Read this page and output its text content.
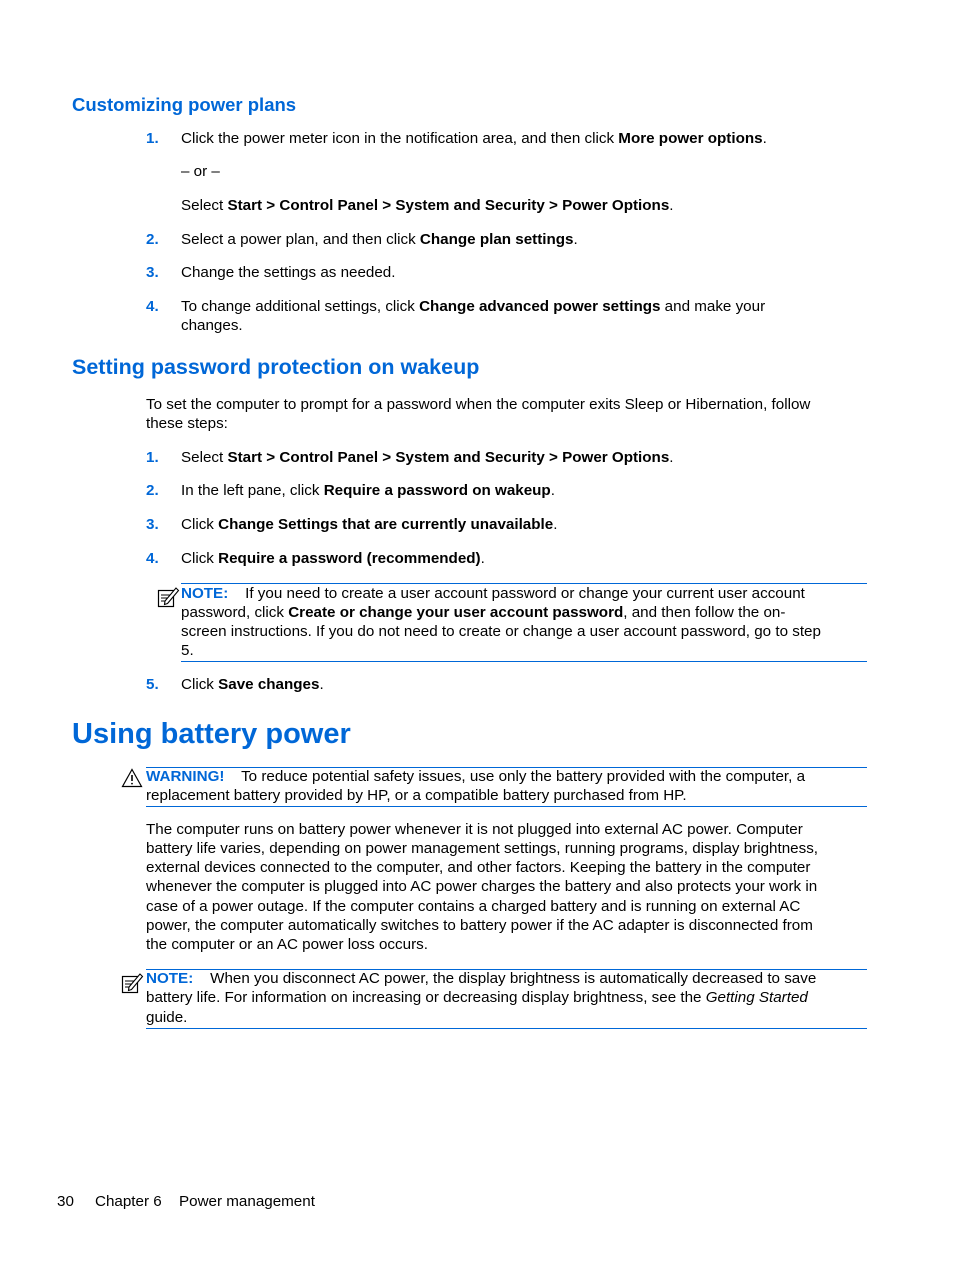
Customizing power plans
1. Click the power meter icon in the notification area, and then click More power options.
– or –
Select Start > Control Panel > System and Security > Power Options.
2. Select a power plan, and then click Change plan settings.
3. Change the settings as needed.
4. To change additional settings, click Change advanced power settings and make your
changes.
Setting password protection on wakeup
To set the computer to prompt for a password when the computer exits Sleep or Hibernation, follow
these steps:
1. Select Start > Control Panel > System and Security > Power Options.
2. In the left pane, click Require a password on wakeup.
3. Click Change Settings that are currently unavailable.
4. Click Require a password (recommended).
NOTE: If you need to create a user account password or change your current user account
password, click Create or change your user account password, and then follow the on-
screen instructions. If you do not need to create or change a user account password, go to step
5.
5. Click Save changes.
Using battery power
WARNING! To reduce potential safety issues, use only the battery provided with the computer, a
replacement battery provided by HP, or a compatible battery purchased from HP.
The computer runs on battery power whenever it is not plugged into external AC power. Computer
battery life varies, depending on power management settings, running programs, display brightness,
external devices connected to the computer, and other factors. Keeping the battery in the computer
whenever the computer is plugged into AC power charges the battery and also protects your work in
case of a power outage. If the computer contains a charged battery and is running on external AC
power, the computer automatically switches to battery power if the AC adapter is disconnected from
the computer or an AC power loss occurs.
NOTE: When you disconnect AC power, the display brightness is automatically decreased to save
battery life. For information on increasing or decreasing display brightness, see the Getting Started
guide.
30 Chapter 6 Power management
